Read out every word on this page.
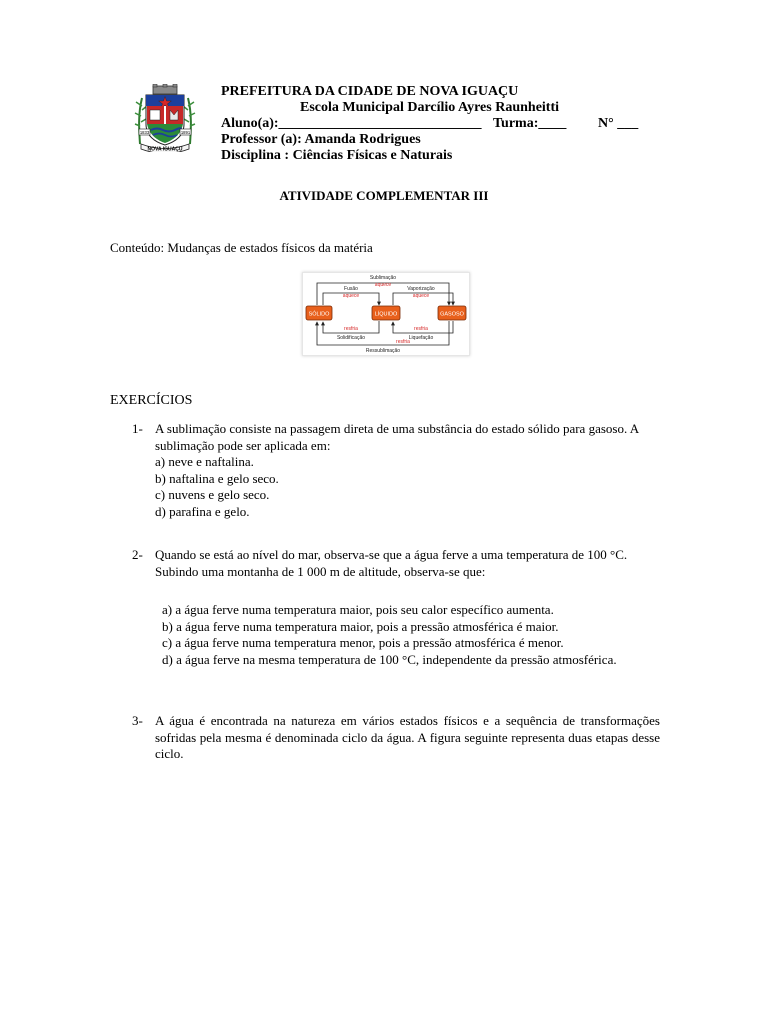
1833	1891
NOVA IGUAÇU
PREFEITURA DA CIDADE DE NOVA IGUAÇU
Escola Municipal Darcílio Ayres Raunheitti
Aluno(a):_____________________________ Turma:____ N° ___
Professor (a): Amanda Rodrigues
Disciplina : Ciências Físicas e Naturais
ATIVIDADE COMPLEMENTAR III
Conteúdo: Mudanças de estados físicos da matéria
Sublimação
aquece
Fusão
aquece
Vaporização
aquece
SÓLIDO	LÍQUIDO	GASOSO
resfria
Solidificação
resfria
Liquefação
resfria
Ressublimação
EXERCÍCIOS
1- A sublimação consiste na passagem direta de uma substância do estado sólido para gasoso. A sublimação pode ser aplicada em:
a) neve e naftalina.
b) naftalina e gelo seco.
c) nuvens e gelo seco.
d) parafina e gelo.
2- Quando se está ao nível do mar, observa-se que a água ferve a uma temperatura de 100 °C. Subindo uma montanha de 1 000 m de altitude, observa-se que:
a) a água ferve numa temperatura maior, pois seu calor específico aumenta.
b) a água ferve numa temperatura maior, pois a pressão atmosférica é maior.
c) a água ferve numa temperatura menor, pois a pressão atmosférica é menor.
d) a água ferve na mesma temperatura de 100 °C, independente da pressão atmosférica.
3- A água é encontrada na natureza em vários estados físicos e a sequência de transformações sofridas pela mesma é denominada ciclo da água. A figura seguinte representa duas etapas desse ciclo.
